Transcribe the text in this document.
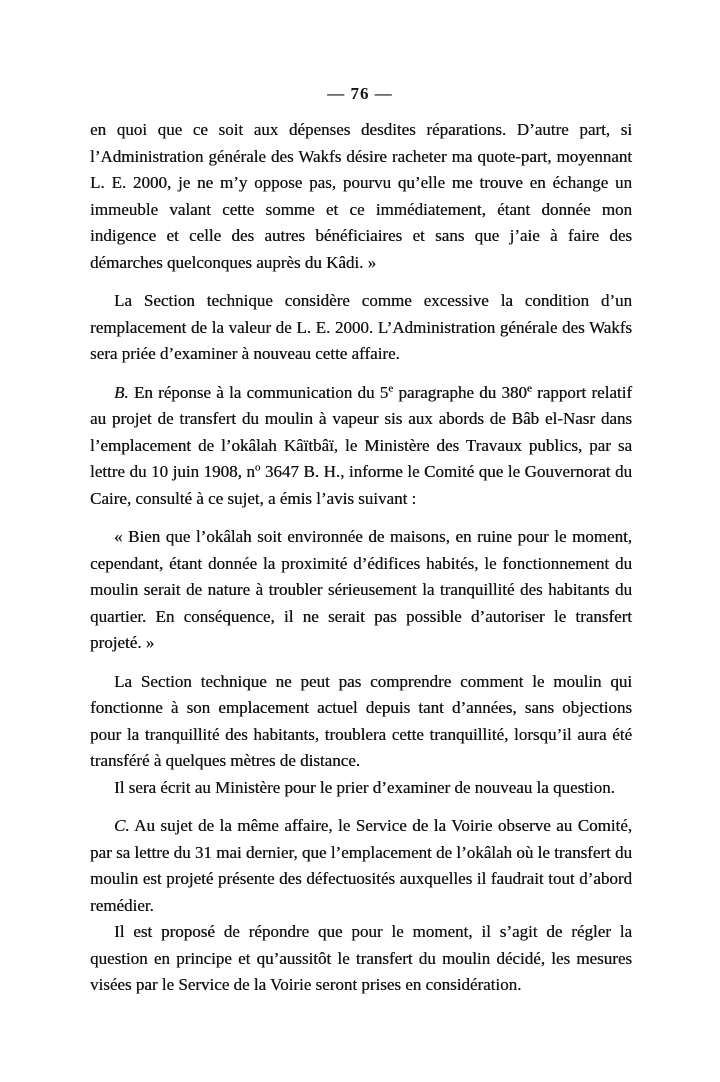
— 76 —

en quoi que ce soit aux dépenses desdites réparations. D’autre part, si l’Administration générale des Wakfs désire racheter ma quote-part, moyennant L. E. 2000, je ne m’y oppose pas, pourvu qu’elle me trouve en échange un immeuble valant cette somme et ce immédiatement, étant donnée mon indigence et celle des autres bénéficiaires et sans que j’aie à faire des démarches quelconques auprès du Kâdi. »

La Section technique considère comme excessive la condition d’un remplacement de la valeur de L. E. 2000. L’Administration générale des Wakfs sera priée d’examiner à nouveau cette affaire.

B. En réponse à la communication du 5e paragraphe du 380e rapport relatif au projet de transfert du moulin à vapeur sis aux abords de Bâb el-Nasr dans l’emplacement de l’okâlah Kâïtbâï, le Ministère des Travaux publics, par sa lettre du 10 juin 1908, $n^o$ 3647 B. H., informe le Comité que le Gouvernorat du Caire, consulté à ce sujet, a émis l’avis suivant :

« Bien que l’okâlah soit environnée de maisons, en ruine pour le moment, cependant, étant donnée la proximité d’édifices habités, le fonctionnement du moulin serait de nature à troubler sérieusement la tranquillité des habitants du quartier. En conséquence, il ne serait pas possible d’autoriser le transfert projeté. »

La Section technique ne peut pas comprendre comment le moulin qui fonctionne à son emplacement actuel depuis tant d’années, sans objections pour la tranquillité des habitants, troublera cette tranquillité, lorsqu’il aura été transféré à quelques mètres de distance.

Il sera écrit au Ministère pour le prier d’examiner de nouveau la question.

C. Au sujet de la même affaire, le Service de la Voirie observe au Comité, par sa lettre du 31 mai dernier, que l’emplacement de l’okâlah où le transfert du moulin est projeté présente des défectuosités auxquelles il faudrait tout d’abord remédier.

Il est proposé de répondre que pour le moment, il s’agit de régler la question en principe et qu’aussitôt le transfert du moulin décidé, les mesures visées par le Service de la Voirie seront prises en considération.
